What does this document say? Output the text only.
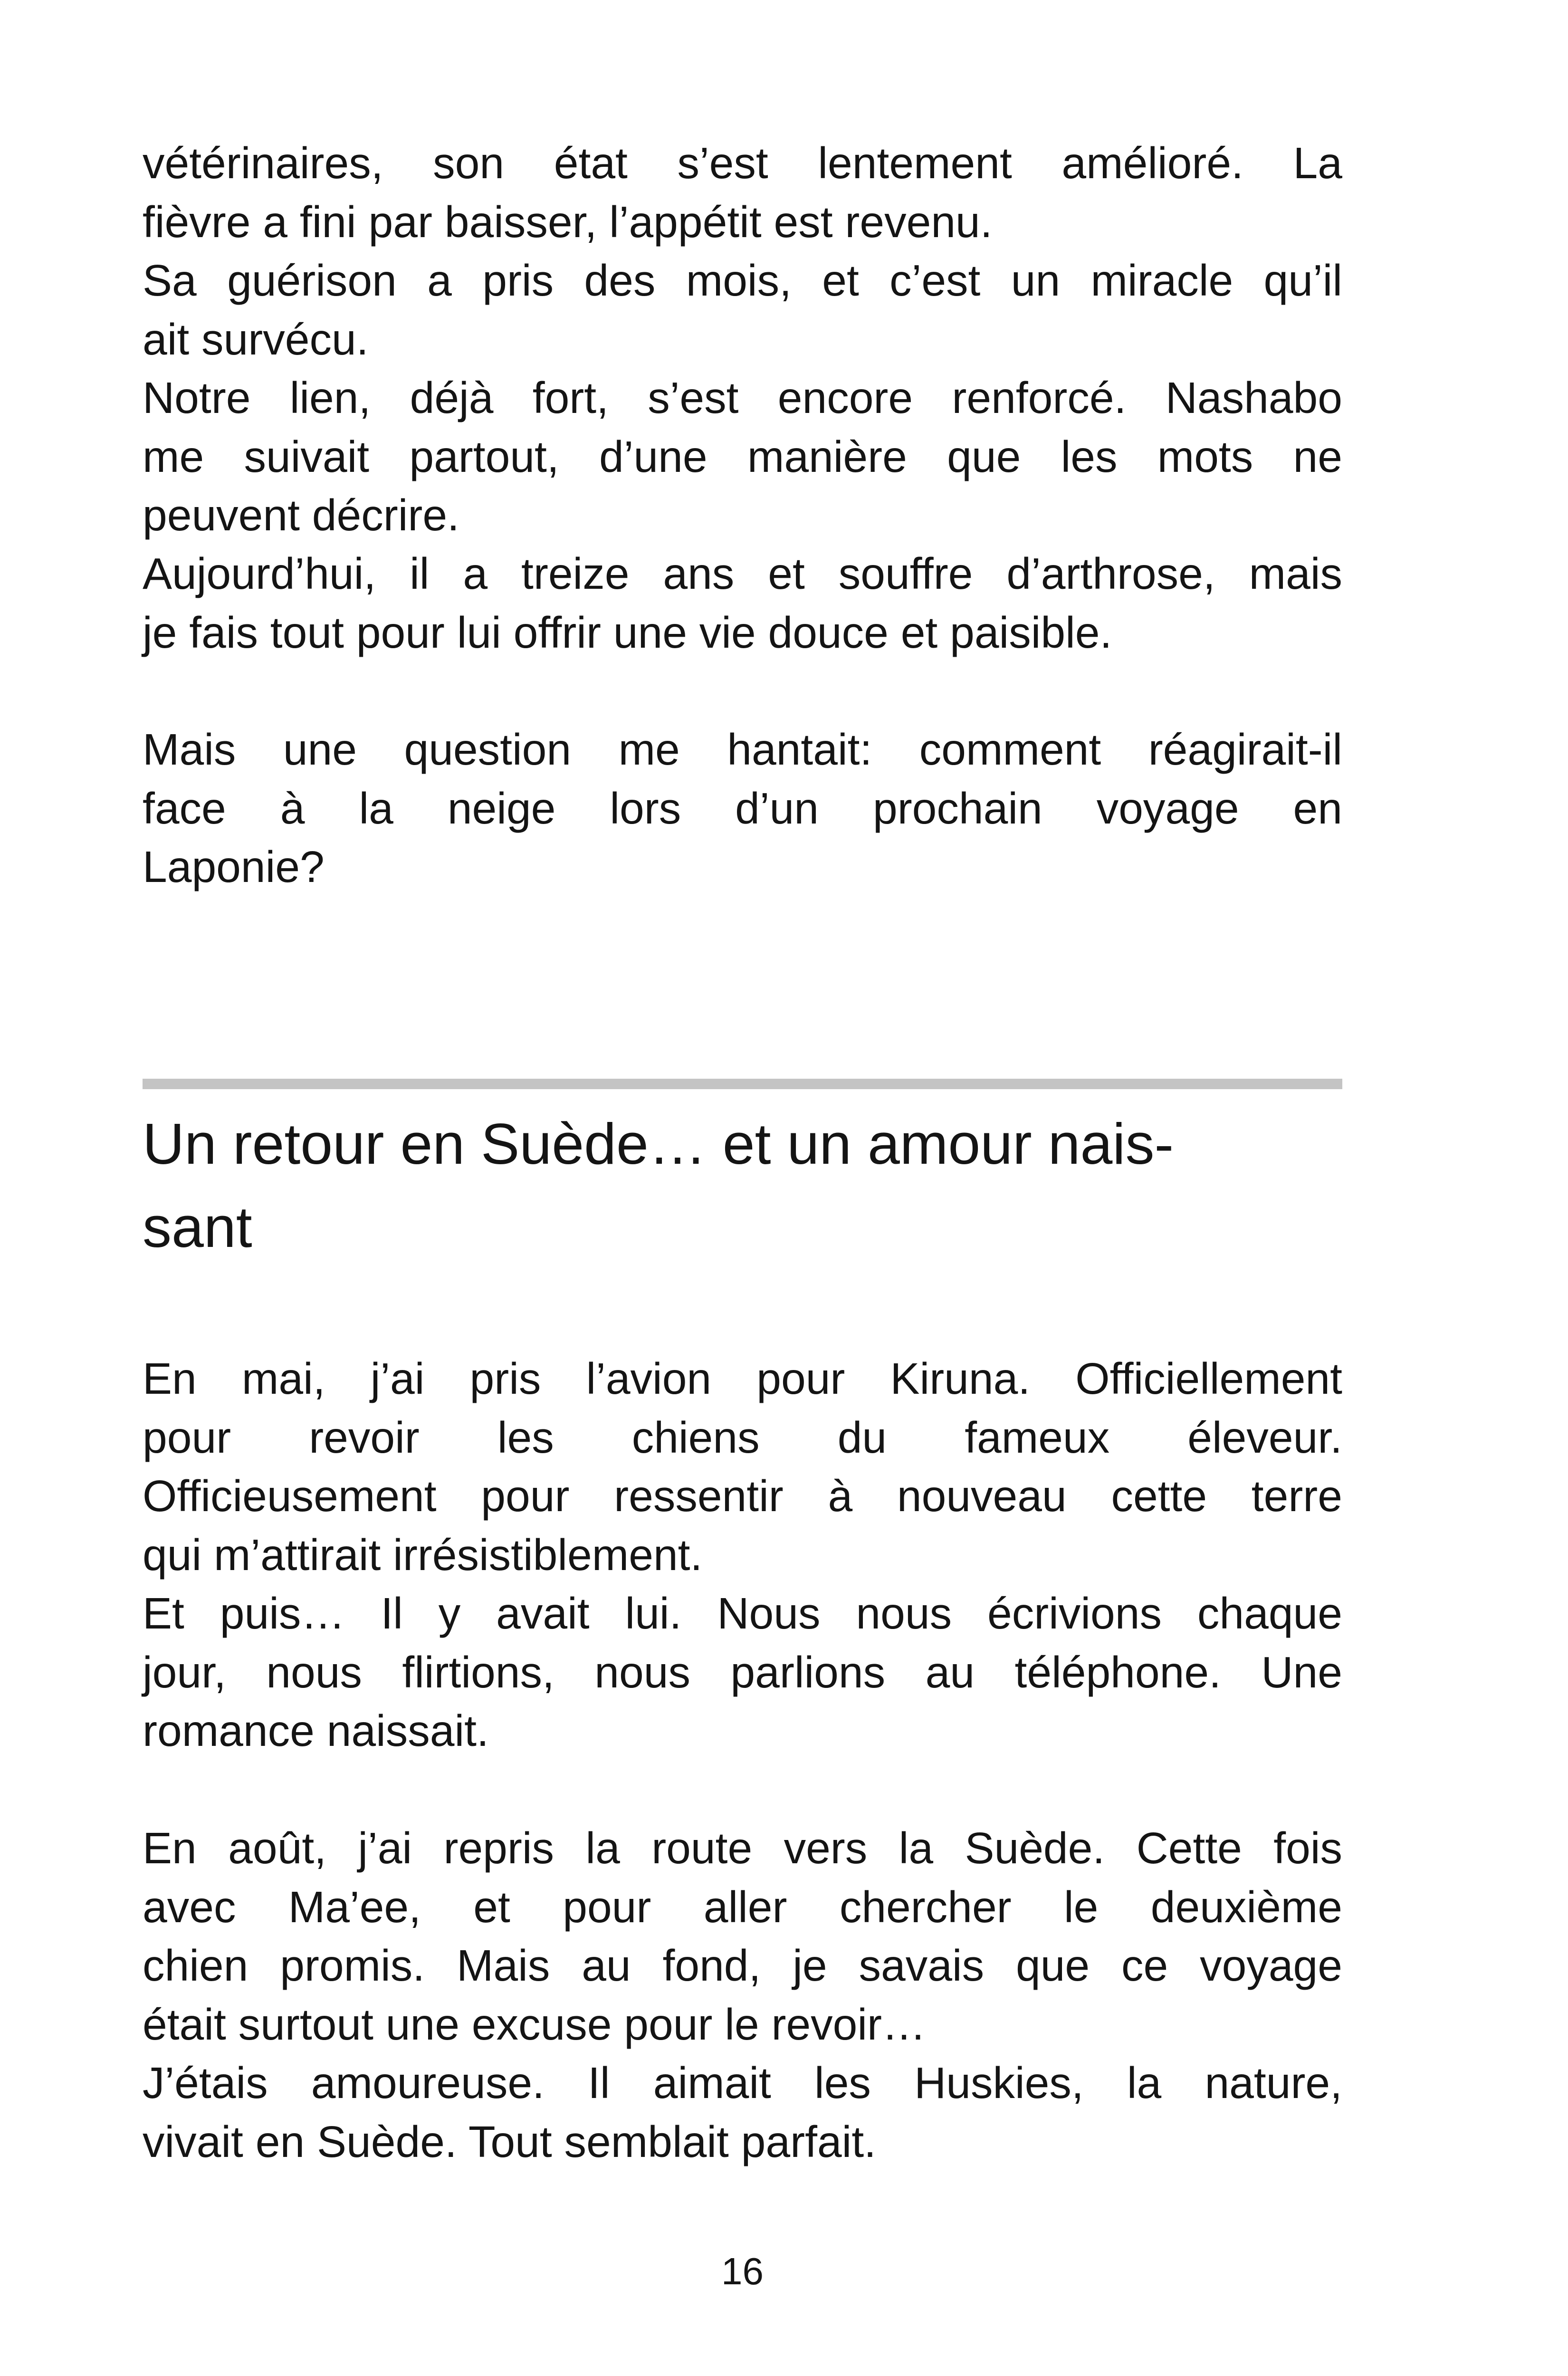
vétérinaires, son état s’est lentement amélioré. La
fièvre a fini par baisser, l’appétit est revenu.

Sa guérison a pris des mois, et c’est un miracle qu’il
ait survécu.

Notre lien, déjà fort, s’est encore renforcé. Nashabo
me suivait partout, d’une manière que les mots ne
peuvent décrire.

Aujourd’hui, il a treize ans et souffre d’arthrose, mais
je fais tout pour lui offrir une vie douce et paisible.

Mais une question me hantait: comment réagirait-il
face à la neige lors d’un prochain voyage en
Laponie?

Un retour en Suède… et un amour nais-
sant

En mai, j’ai pris l’avion pour Kiruna. Officiellement
pour revoir les chiens du fameux éleveur.
Officieusement pour ressentir à nouveau cette terre
qui m’attirait irrésistiblement.

Et puis… Il y avait lui. Nous nous écrivions chaque
jour, nous flirtions, nous parlions au téléphone. Une
romance naissait.

En août, j’ai repris la route vers la Suède. Cette fois
avec Ma’ee, et pour aller chercher le deuxième
chien promis. Mais au fond, je savais que ce voyage
était surtout une excuse pour le revoir…

J’étais amoureuse. Il aimait les Huskies, la nature,
vivait en Suède. Tout semblait parfait.

16
